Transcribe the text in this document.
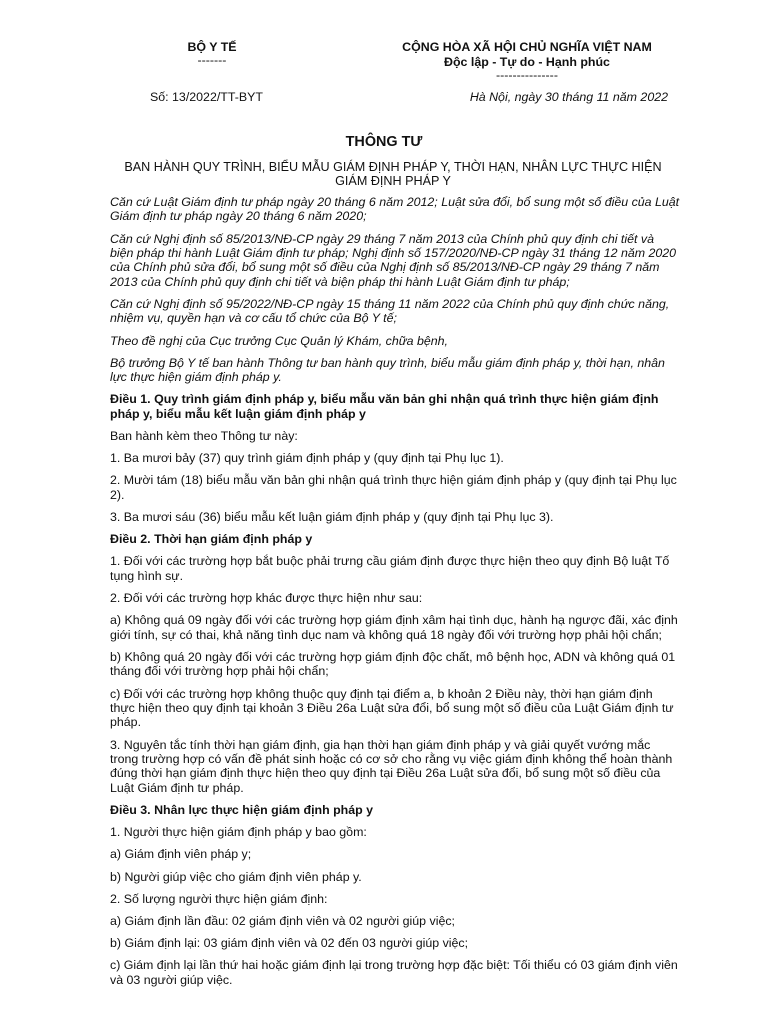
BỘ Y TẾ
-------
CỘNG HÒA XÃ HỘI CHỦ NGHĨA VIỆT NAM
Độc lập - Tự do - Hạnh phúc
---------------
Số: 13/2022/TT-BYT	Hà Nội, ngày 30 tháng 11 năm 2022
THÔNG TƯ
BAN HÀNH QUY TRÌNH, BIỂU MẪU GIÁM ĐỊNH PHÁP Y, THỜI HẠN, NHÂN LỰC THỰC HIỆN GIÁM ĐỊNH PHÁP Y

Căn cứ Luật Giám định tư pháp ngày 20 tháng 6 năm 2012; Luật sửa đổi, bổ sung một số điều của Luật Giám định tư pháp ngày 20 tháng 6 năm 2020;

Căn cứ Nghị định số 85/2013/NĐ-CP ngày 29 tháng 7 năm 2013 của Chính phủ quy định chi tiết và biện pháp thi hành Luật Giám định tư pháp; Nghị định số 157/2020/NĐ-CP ngày 31 tháng 12 năm 2020 của Chính phủ sửa đổi, bổ sung một số điều của Nghị định số 85/2013/NĐ-CP ngày 29 tháng 7 năm 2013 của Chính phủ quy định chi tiết và biện pháp thi hành Luật Giám định tư pháp;

Căn cứ Nghị định số 95/2022/NĐ-CP ngày 15 tháng 11 năm 2022 của Chính phủ quy định chức năng, nhiệm vụ, quyền hạn và cơ cấu tổ chức của Bộ Y tế;

Theo đề nghị của Cục trưởng Cục Quản lý Khám, chữa bệnh,

Bộ trưởng Bộ Y tế ban hành Thông tư ban hành quy trình, biểu mẫu giám định pháp y, thời hạn, nhân lực thực hiện giám định pháp y.

Điều 1. Quy trình giám định pháp y, biểu mẫu văn bản ghi nhận quá trình thực hiện giám định pháp y, biểu mẫu kết luận giám định pháp y

Ban hành kèm theo Thông tư này:

1. Ba mươi bảy (37) quy trình giám định pháp y (quy định tại Phụ lục 1).

2. Mười tám (18) biểu mẫu văn bản ghi nhận quá trình thực hiện giám định pháp y (quy định tại Phụ lục 2).

3. Ba mươi sáu (36) biểu mẫu kết luận giám định pháp y (quy định tại Phụ lục 3).

Điều 2. Thời hạn giám định pháp y

1. Đối với các trường hợp bắt buộc phải trưng cầu giám định được thực hiện theo quy định Bộ luật Tố tụng hình sự.

2. Đối với các trường hợp khác được thực hiện như sau:

a) Không quá 09 ngày đối với các trường hợp giám định xâm hại tình dục, hành hạ ngược đãi, xác định giới tính, sự có thai, khả năng tình dục nam và không quá 18 ngày đối với trường hợp phải hội chẩn;

b) Không quá 20 ngày đối với các trường hợp giám định độc chất, mô bệnh học, ADN và không quá 01 tháng đối với trường hợp phải hội chẩn;

c) Đối với các trường hợp không thuộc quy định tại điểm a, b khoản 2 Điều này, thời hạn giám định thực hiện theo quy định tại khoản 3 Điều 26a Luật sửa đổi, bổ sung một số điều của Luật Giám định tư pháp.

3. Nguyên tắc tính thời hạn giám định, gia hạn thời hạn giám định pháp y và giải quyết vướng mắc trong trường hợp có vấn đề phát sinh hoặc có cơ sở cho rằng vụ việc giám định không thể hoàn thành đúng thời hạn giám định thực hiện theo quy định tại Điều 26a Luật sửa đổi, bổ sung một số điều của Luật Giám định tư pháp.

Điều 3. Nhân lực thực hiện giám định pháp y

1. Người thực hiện giám định pháp y bao gồm:

a) Giám định viên pháp y;

b) Người giúp việc cho giám định viên pháp y.

2. Số lượng người thực hiện giám định:

a) Giám định lần đầu: 02 giám định viên và 02 người giúp việc;

b) Giám định lại: 03 giám định viên và 02 đến 03 người giúp việc;

c) Giám định lại lần thứ hai hoặc giám định lại trong trường hợp đặc biệt: Tối thiểu có 03 giám định viên và 03 người giúp việc.
